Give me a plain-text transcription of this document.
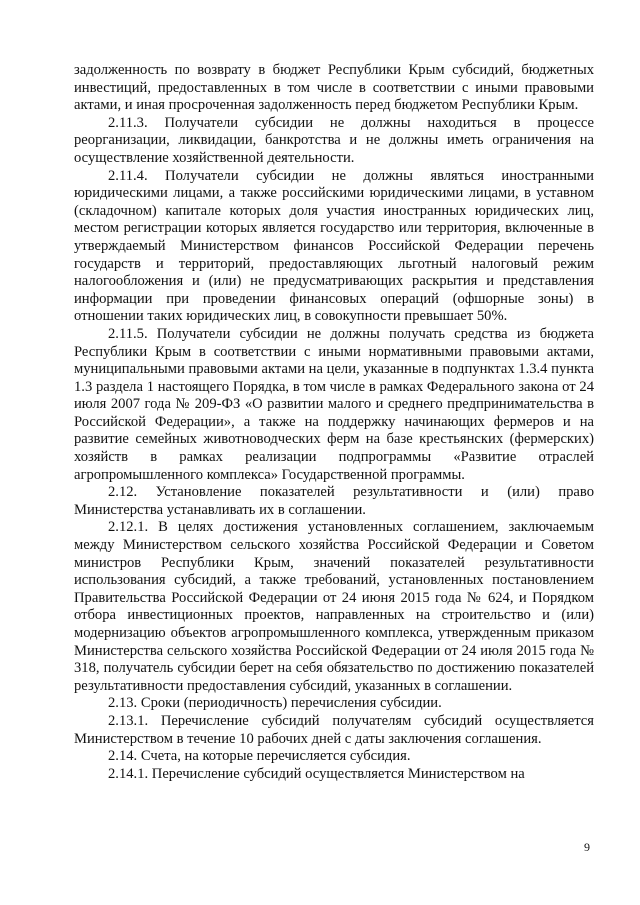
задолженность по возврату в бюджет Республики Крым субсидий, бюджетных инвестиций, предоставленных в том числе в соответствии с иными правовыми актами, и иная просроченная задолженность перед бюджетом Республики Крым.

2.11.3. Получатели субсидии не должны находиться в процессе реорганизации, ликвидации, банкротства и не должны иметь ограничения на осуществление хозяйственной деятельности.

2.11.4. Получатели субсидии не должны являться иностранными юридическими лицами, а также российскими юридическими лицами, в уставном (складочном) капитале которых доля участия иностранных юридических лиц, местом регистрации которых является государство или территория, включенные в утверждаемый Министерством финансов Российской Федерации перечень государств и территорий, предоставляющих льготный налоговый режим налогообложения и (или) не предусматривающих раскрытия и представления информации при проведении финансовых операций (офшорные зоны) в отношении таких юридических лиц, в совокупности превышает 50%.

2.11.5. Получатели субсидии не должны получать средства из бюджета Республики Крым в соответствии с иными нормативными правовыми актами, муниципальными правовыми актами на цели, указанные в подпунктах 1.3.4 пункта 1.3 раздела 1 настоящего Порядка, в том числе в рамках Федерального закона от 24 июля 2007 года № 209-ФЗ «О развитии малого и среднего предпринимательства в Российской Федерации», а также на поддержку начинающих фермеров и на развитие семейных животноводческих ферм на базе крестьянских (фермерских) хозяйств в рамках реализации подпрограммы «Развитие отраслей агропромышленного комплекса» Государственной программы.

2.12. Установление показателей результативности и (или) право Министерства устанавливать их в соглашении.

2.12.1. В целях достижения установленных соглашением, заключаемым между Министерством сельского хозяйства Российской Федерации и Советом министров Республики Крым, значений показателей результативности использования субсидий, а также требований, установленных постановлением Правительства Российской Федерации от 24 июня 2015 года № 624, и Порядком отбора инвестиционных проектов, направленных на строительство и (или) модернизацию объектов агропромышленного комплекса, утвержденным приказом Министерства сельского хозяйства Российской Федерации от 24 июля 2015 года № 318, получатель субсидии берет на себя обязательство по достижению показателей результативности предоставления субсидий, указанных в соглашении.

2.13. Сроки (периодичность) перечисления субсидии.

2.13.1. Перечисление субсидий получателям субсидий осуществляется Министерством в течение 10 рабочих дней с даты заключения соглашения.

2.14. Счета, на которые перечисляется субсидия.

2.14.1. Перечисление субсидий осуществляется Министерством на

9
